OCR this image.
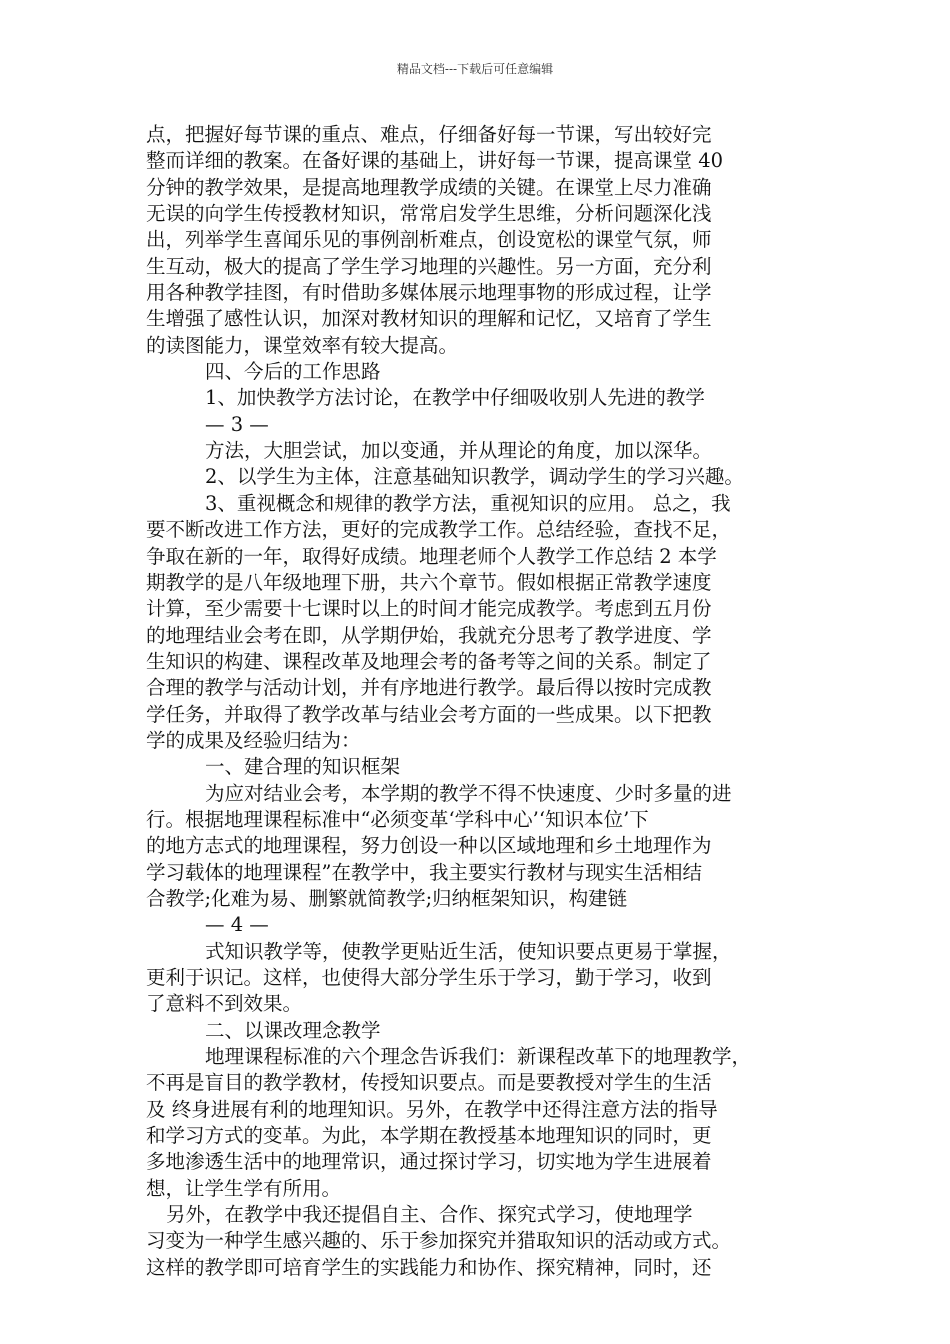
精品文档---下载后可任意编辑
点，把握好每节课的重点、难点，仔细备好每一节课，写出较好完
整而详细的教案。在备好课的基础上，讲好每一节课，提高课堂 40
分钟的教学效果，是提高地理教学成绩的关键。在课堂上尽力准确
无误的向学生传授教材知识，常常启发学生思维，分析问题深化浅
出，列举学生喜闻乐见的事例剖析难点，创设宽松的课堂气氛，师
生互动，极大的提高了学生学习地理的兴趣性。另一方面，充分利
用各种教学挂图，有时借助多媒体展示地理事物的形成过程，让学
生增强了感性认识，加深对教材知识的理解和记忆，又培育了学生
的读图能力，课堂效率有较大提高。
四、今后的工作思路
1、加快教学方法讨论，在教学中仔细吸收别人先进的教学
— 3 —
方法，大胆尝试，加以变通，并从理论的角度，加以深华。
2、以学生为主体，注意基础知识教学，调动学生的学习兴趣。
3、重视概念和规律的教学方法，重视知识的应用。 总之，我
要不断改进工作方法，更好的完成教学工作。总结经验，查找不足，
争取在新的一年，取得好成绩。地理老师个人教学工作总结 2 本学
期教学的是八年级地理下册，共六个章节。假如根据正常教学速度
计算，至少需要十七课时以上的时间才能完成教学。考虑到五月份
的地理结业会考在即，从学期伊始，我就充分思考了教学进度、学
生知识的构建、课程改革及地理会考的备考等之间的关系。制定了
合理的教学与活动计划，并有序地进行教学。最后得以按时完成教
学任务，并取得了教学改革与结业会考方面的一些成果。以下把教
学的成果及经验归结为：
一、建合理的知识框架
为应对结业会考，本学期的教学不得不快速度、少时多量的进
行。根据地理课程标准中“必须变革‘学科中心’‘知识本位’下
的地方志式的地理课程，努力创设一种以区域地理和乡土地理作为
学习载体的地理课程”在教学中，我主要实行教材与现实生活相结
合教学;化难为易、删繁就简教学;归纳框架知识，构建链
— 4 —
式知识教学等，使教学更贴近生活，使知识要点更易于掌握，
更利于识记。这样，也使得大部分学生乐于学习，勤于学习，收到
了意料不到效果。
二、以课改理念教学
地理课程标准的六个理念告诉我们：新课程改革下的地理教学，
不再是盲目的教学教材，传授知识要点。而是要教授对学生的生活
及 终身进展有利的地理知识。另外，在教学中还得注意方法的指导
和学习方式的变革。为此，本学期在教授基本地理知识的同时，更
多地渗透生活中的地理常识，通过探讨学习，切实地为学生进展着
想，让学生学有所用。
另外，在教学中我还提倡自主、合作、探究式学习，使地理学
习变为一种学生感兴趣的、乐于参加探究并猎取知识的活动或方式。
这样的教学即可培育学生的实践能力和协作、探究精神，同时，还
